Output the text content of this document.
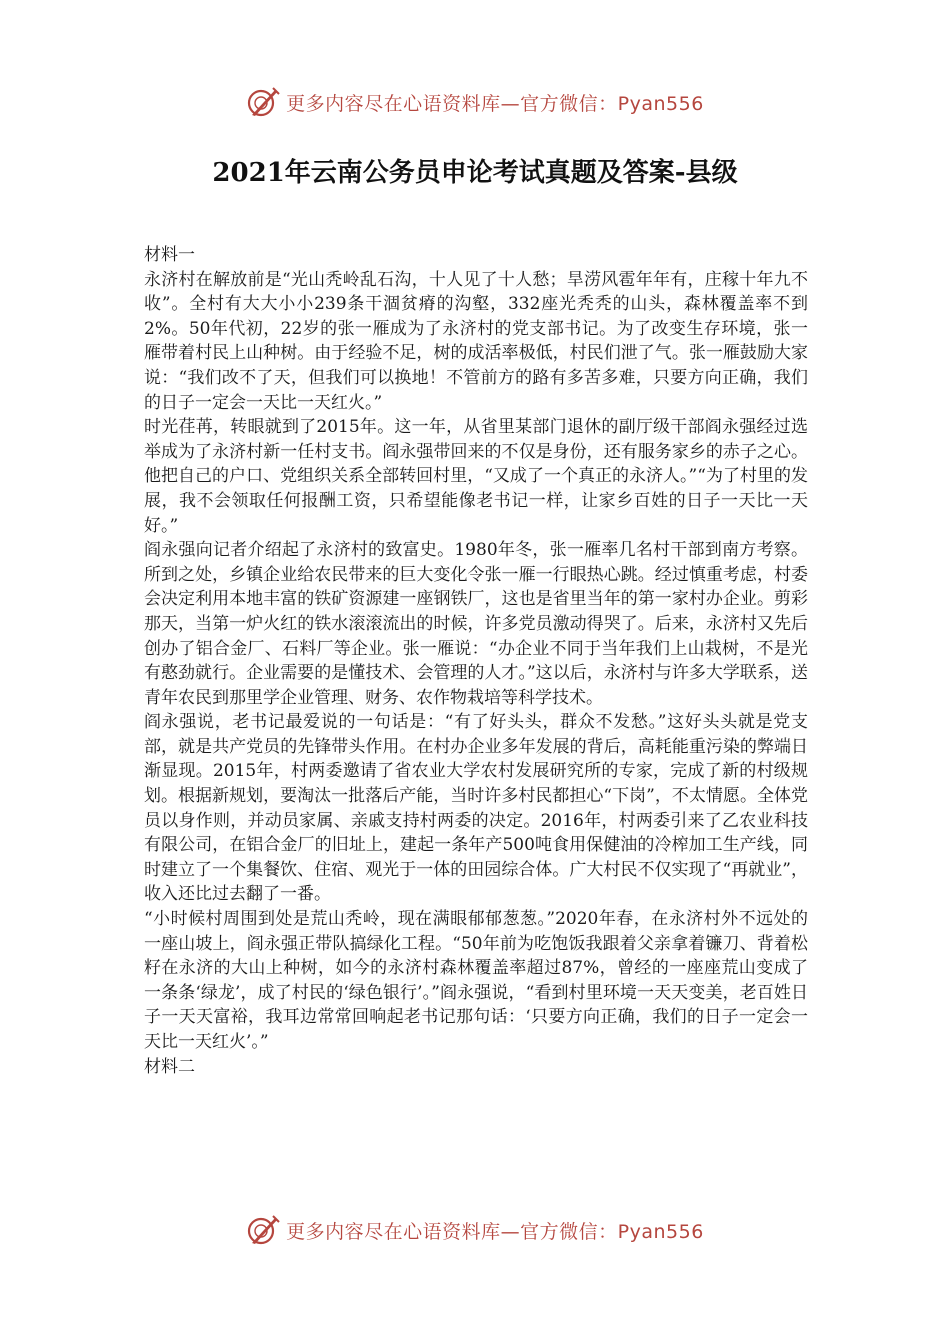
更多内容尽在心语资料库—官方微信：Pyan556
2021年云南公务员申论考试真题及答案-县级

材料一

永济村在解放前是“光山秃岭乱石沟，十人见了十人愁；旱涝风雹年年有，庄稼十年九不收”。全村有大大小小239条干涸贫瘠的沟壑，332座光秃秃的山头，森林覆盖率不到2%。50年代初，22岁的张一雁成为了永济村的党支部书记。为了改变生存环境，张一雁带着村民上山种树。由于经验不足，树的成活率极低，村民们泄了气。张一雁鼓励大家说：“我们改不了天，但我们可以换地！不管前方的路有多苦多难，只要方向正确，我们的日子一定会一天比一天红火。”

时光荏苒，转眼就到了2015年。这一年，从省里某部门退休的副厅级干部阎永强经过选举成为了永济村新一任村支书。阎永强带回来的不仅是身份，还有服务家乡的赤子之心。他把自己的户口、党组织关系全部转回村里，“又成了一个真正的永济人。”“为了村里的发展，我不会领取任何报酬工资，只希望能像老书记一样，让家乡百姓的日子一天比一天好。”

阎永强向记者介绍起了永济村的致富史。1980年冬，张一雁率几名村干部到南方考察。所到之处，乡镇企业给农民带来的巨大变化令张一雁一行眼热心跳。经过慎重考虑，村委会决定利用本地丰富的铁矿资源建一座钢铁厂，这也是省里当年的第一家村办企业。剪彩那天，当第一炉火红的铁水滚滚流出的时候，许多党员激动得哭了。后来，永济村又先后创办了铝合金厂、石料厂等企业。张一雁说：“办企业不同于当年我们上山栽树，不是光有憨劲就行。企业需要的是懂技术、会管理的人才。”这以后，永济村与许多大学联系，送青年农民到那里学企业管理、财务、农作物栽培等科学技术。

阎永强说，老书记最爱说的一句话是：“有了好头头，群众不发愁。”这好头头就是党支部，就是共产党员的先锋带头作用。在村办企业多年发展的背后，高耗能重污染的弊端日渐显现。2015年，村两委邀请了省农业大学农村发展研究所的专家，完成了新的村级规划。根据新规划，要淘汰一批落后产能，当时许多村民都担心“下岗”，不太情愿。全体党员以身作则，并动员家属、亲戚支持村两委的决定。2016年，村两委引来了乙农业科技有限公司，在铝合金厂的旧址上，建起一条年产500吨食用保健油的冷榨加工生产线，同时建立了一个集餐饮、住宿、观光于一体的田园综合体。广大村民不仅实现了“再就业”，收入还比过去翻了一番。

“小时候村周围到处是荒山秃岭，现在满眼郁郁葱葱。”2020年春，在永济村外不远处的一座山坡上，阎永强正带队搞绿化工程。“50年前为吃饱饭我跟着父亲拿着镰刀、背着松籽在永济的大山上种树，如今的永济村森林覆盖率超过87%，曾经的一座座荒山变成了一条条‘绿龙’，成了村民的‘绿色银行’。”阎永强说，“看到村里环境一天天变美，老百姓日子一天天富裕，我耳边常常回响起老书记那句话：‘只要方向正确，我们的日子一定会一天比一天红火’。”

材料二

更多内容尽在心语资料库—官方微信：Pyan556
